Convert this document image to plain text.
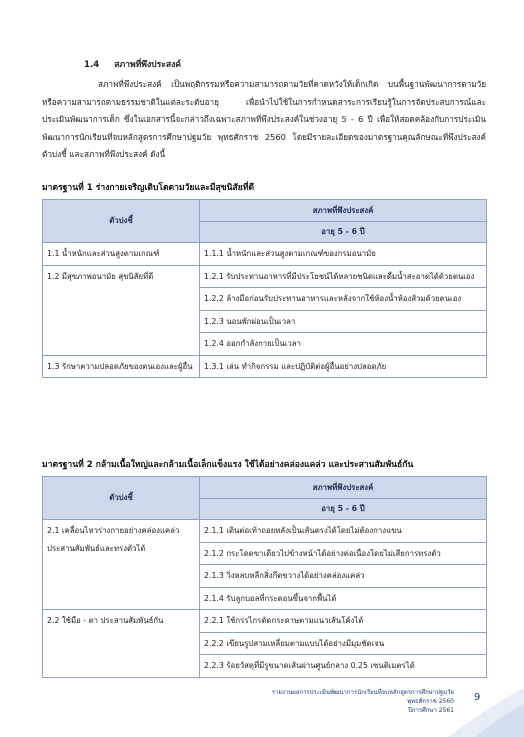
1.4 สภาพที่พึงประสงค์
สภาพที่พึงประสงค์ เป็นพฤติกรรมหรือความสามารถตามวัยที่คาดหวังให้เด็กเกิด บนพื้นฐานพัฒนาการตามวัยหรือความสามารถตามธรรมชาติในแต่ละระดับอายุ เพื่อนำไปใช้ในการกำหนดสาระการเรียนรู้ในการจัดประสบการณ์และประเมินพัฒนาการเด็ก ซึ่งในเอกสารนี้จะกล่าวถึงเฉพาะสภาพที่พึงประสงค์ในช่วงอายุ 5 - 6 ปี เพื่อให้สอดคล้องกับการประเมินพัฒนาการนักเรียนที่จบหลักสูตรการศึกษาปฐมวัย พุทธศักราช 2560 โดยมีรายละเอียดของมาตรฐานคุณลักษณะที่พึงประสงค์ ตัวบ่งชี้ และสภาพที่พึงประสงค์ ดังนี้
มาตรฐานที่ 1 ร่างกายเจริญเติบโตตามวัยและมีสุขนิสัยที่ดี
ตัวบ่งชี้	สภาพที่พึงประสงค์
	อายุ 5 - 6 ปี
1.1 น้ำหนักและส่วนสูงตามเกณฑ์	1.1.1 น้ำหนักและส่วนสูงตามเกณฑ์ของกรมอนามัย
1.2 มีสุขภาพอนามัย สุขนิสัยที่ดี	1.2.1 รับประทานอาหารที่มีประโยชน์ได้หลายชนิดและดื่มน้ำสะอาดได้ด้วยตนเอง
	1.2.2 ล้างมือก่อนรับประทานอาหารและหลังจากใช้ห้องน้ำห้องส้วมด้วยตนเอง
	1.2.3 นอนพักผ่อนเป็นเวลา
	1.2.4 ออกกำลังกายเป็นเวลา
1.3 รักษาความปลอดภัยของตนเองและผู้อื่น	1.3.1 เล่น ทำกิจกรรม และปฏิบัติต่อผู้อื่นอย่างปลอดภัย
มาตรฐานที่ 2 กล้ามเนื้อใหญ่และกล้ามเนื้อเล็กแข็งแรง ใช้ได้อย่างคล่องแคล่ว และประสานสัมพันธ์กัน
ตัวบ่งชี้	สภาพที่พึงประสงค์
	อายุ 5 - 6 ปี
2.1 เคลื่อนไหวร่างกายอย่างคล่องแคล่ว ประสานสัมพันธ์และทรงตัวได้	2.1.1 เดินต่อเท้าถอยหลังเป็นเส้นตรงได้โดยไม่ต้องกางแขน
	2.1.2 กระโดดขาเดียวไปข้างหน้าได้อย่างต่อเนื่องโดยไม่เสียการทรงตัว
	2.1.3 วิ่งหลบหลีกสิ่งกีดขวางได้อย่างคล่องแคล่ว
	2.1.4 รับลูกบอลที่กระดอนขึ้นจากพื้นได้
2.2 ใช้มือ - ตา ประสานสัมพันธ์กัน	2.2.1 ใช้กรรไกรตัดกระดาษตามแนวเส้นโค้งได้
	2.2.2 เขียนรูปสามเหลี่ยมตามแบบได้อย่างมีมุมชัดเจน
	2.2.3 ร้อยวัสดุที่มีรูขนาดเส้นผ่านศูนย์กลาง 0.25 เซนติเมตรได้
รายงานผลการประเมินพัฒนาการนักเรียนที่จบหลักสูตรการศึกษาปฐมวัย พุทธศักราช 2560
ปีการศึกษา 2561
9
